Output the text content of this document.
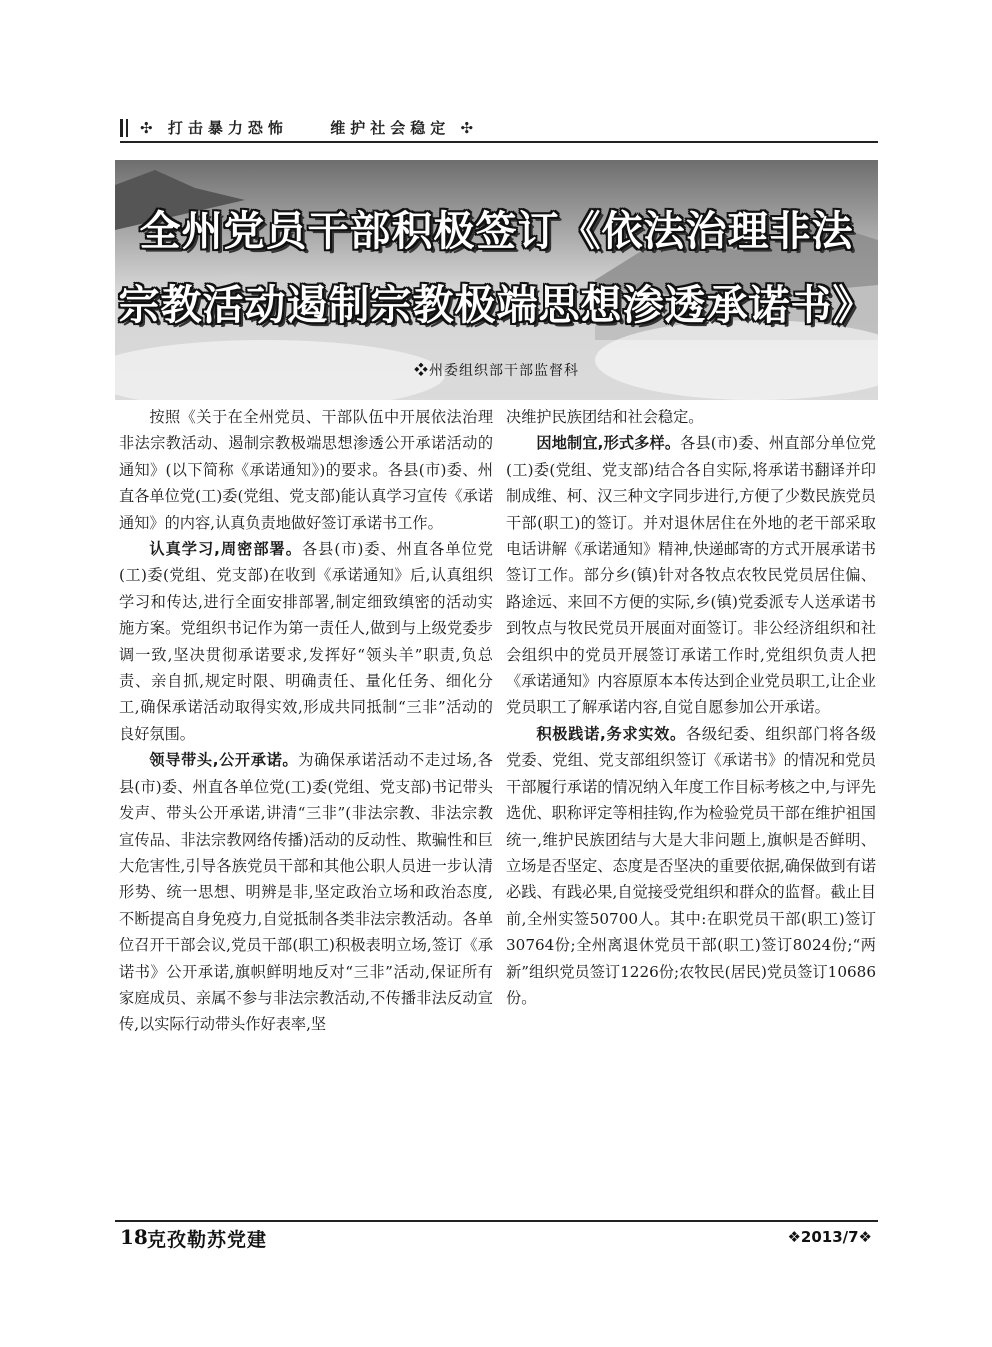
✣ 打击暴力恐怖	维护社会稳定 ✣
全州党员干部积极签订《依法治理非法
宗教活动遏制宗教极端思想渗透承诺书》
❖州委组织部干部监督科

按照《关于在全州党员、干部队伍中开展依法治理非法宗教活动、遏制宗教极端思想渗透公开承诺活动的通知》(以下简称《承诺通知》)的要求。各县(市)委、州直各单位党(工)委(党组、党支部)能认真学习宣传《承诺通知》的内容,认真负责地做好签订承诺书工作。

认真学习,周密部署。各县(市)委、州直各单位党(工)委(党组、党支部)在收到《承诺通知》后,认真组织学习和传达,进行全面安排部署,制定细致缜密的活动实施方案。党组织书记作为第一责任人,做到与上级党委步调一致,坚决贯彻承诺要求,发挥好“领头羊”职责,负总责、亲自抓,规定时限、明确责任、量化任务、细化分工,确保承诺活动取得实效,形成共同抵制“三非”活动的良好氛围。

领导带头,公开承诺。为确保承诺活动不走过场,各县(市)委、州直各单位党(工)委(党组、党支部)书记带头发声、带头公开承诺,讲清“三非”(非法宗教、非法宗教宣传品、非法宗教网络传播)活动的反动性、欺骗性和巨大危害性,引导各族党员干部和其他公职人员进一步认清形势、统一思想、明辨是非,坚定政治立场和政治态度,不断提高自身免疫力,自觉抵制各类非法宗教活动。各单位召开干部会议,党员干部(职工)积极表明立场,签订《承诺书》公开承诺,旗帜鲜明地反对“三非”活动,保证所有家庭成员、亲属不参与非法宗教活动,不传播非法反动宣传,以实际行动带头作好表率,坚

决维护民族团结和社会稳定。

因地制宜,形式多样。各县(市)委、州直部分单位党(工)委(党组、党支部)结合各自实际,将承诺书翻译并印制成维、柯、汉三种文字同步进行,方便了少数民族党员干部(职工)的签订。并对退休居住在外地的老干部采取电话讲解《承诺通知》精神,快递邮寄的方式开展承诺书签订工作。部分乡(镇)针对各牧点农牧民党员居住偏、路途远、来回不方便的实际,乡(镇)党委派专人送承诺书到牧点与牧民党员开展面对面签订。非公经济组织和社会组织中的党员开展签订承诺工作时,党组织负责人把《承诺通知》内容原原本本传达到企业党员职工,让企业党员职工了解承诺内容,自觉自愿参加公开承诺。

积极践诺,务求实效。各级纪委、组织部门将各级党委、党组、党支部组织签订《承诺书》的情况和党员干部履行承诺的情况纳入年度工作目标考核之中,与评先选优、职称评定等相挂钩,作为检验党员干部在维护祖国统一,维护民族团结与大是大非问题上,旗帜是否鲜明、立场是否坚定、态度是否坚决的重要依据,确保做到有诺必践、有践必果,自觉接受党组织和群众的监督。截止目前,全州实签50700人。其中:在职党员干部(职工)签订30764份;全州离退休党员干部(职工)签订8024份;“两新”组织党员签订1226份;农牧民(居民)党员签订10686份。

18 克孜勒苏党建	❖2013/7❖
